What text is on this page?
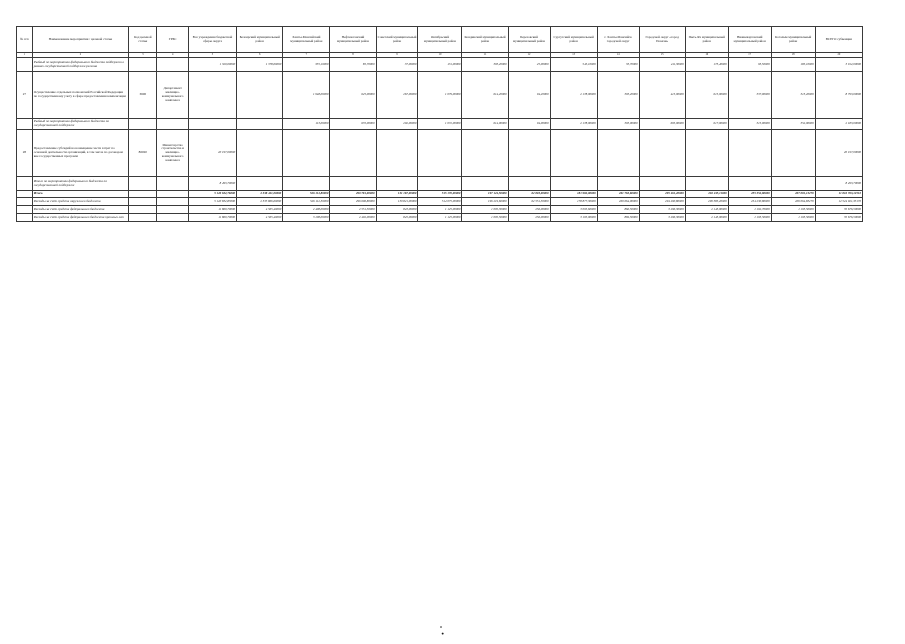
№ п/п	Наименование мероприятия / целевой статьи	Код целевой статьи	ГРБС	Все учреждения бюджетной сферы округа	Белоярский муниципальный район	Ханты-Мансийский муниципальный район	Нефтеюганский муниципальный район	Советский муниципальный район	Октябрьский муниципальный район	Кондинский муниципальный район	Березовский муниципальный район	Сургутский муниципальный район	г. Ханты-Мансийск городской округ	Городской округ «город Покачи»	Пыть-Ях муниципальный район	Нижневартовский муниципальный район	Когалым муниципальный район	ВСЕГО субвенции
1	2	3	4	5	6	7	8	9	10	11	12	13	14	15	16	17	18	20
	Рыбный по мероприятию федерального бюджета поддержки в рамках государственной поддержки региона			1 320,00000	1 378,00000	335,10000	85,70000	37,00000	131,00000	303,20000	25,00000	545,10000	33,70000	411,30000	173,40000	93,50000	185,10000	3 912,00000
27	Осуществление отдельных полномочий Российской Федерации по государственному учету в сфере предоставления компенсации	3600	Департамент жилищно-коммунального комплекса			1 948,00000	625,00000	267,00000	1 079,00000	614,20000	94,20000	2 178,00000	303,20000	415,00000	615,00000	337,00000	313,20000	8 793,00000
	Рыбный по мероприятию федерального бюджета по государственной поддержке					113,00000	635,00000	202,00000	1 072,00000	614,00000	94,00000	2 178,00000	303,00000	605,00000	617,00000	315,00000	352,00000	2 183,00000
28	Предоставление субсидий на возмещение части затрат по основной деятельности организаций, в том числе по договорам вне государственных программ	86020	Министерство строительства и жилищно-коммунального комплекса	20 197,00000														20 197,00000
	Итого по мероприятию федерального бюджета по государственной поддержке			8 493,70000														8 493,70000
	Итого			5 120 632,76000	2 338 421,00000	526 112,80000	290 781,00000	131 167,00000	515 170,00000	197 124,50000	62 803,00000	181 982,00000	261 763,60000	295 461,20000	292 435,11000	255 352,80000	207 081,13270	11 816 763,12510
	Расходы за счёт средств окружного бюджета			5 120 832,83000	2 335 866,60000	526 112,30000	296 696,80000	130 821,00000	514 075,00000	196 219,60000	62 551,30000	178 877,30000	260 664,90000	294 200,80000	290 385,20000	254 230,80000	206 064,83270	12 524 921,33170
	Расходы за счёт средств федерального бюджета			11 869,70000	4 565,40000	2 408,00000	2 551,50000	843,00000	1 125,00000	1 095,30000	256,00000	3 095,60000	866,50000	3 296,30000	2 143,00000	1 102,70000	1 103,50000	35 676,50000
	Расходы за счёт средств федерального бюджета прошлых лет			11 869,70000	4 565,40000	3 108,00000	2 492,00000	845,00000	1 125,00000	1 095,50000	256,00000	3 105,00000	869,50000	3 296,30000	2 143,00000	1 103,50000	1 103,50000	35 676,50000
·
